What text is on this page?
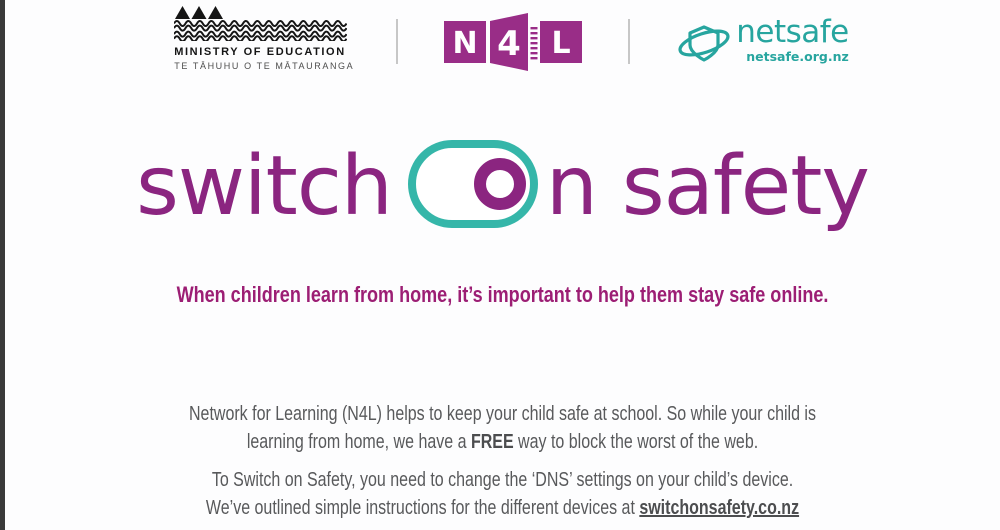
MINISTRY OF EDUCATION
TE TĀHUHU O TE MĀTAURANGA
N 4 L	netsafe
netsafe.org.nz
switch n safety
When children learn from home, it’s important to help them stay safe online.
Network for Learning (N4L) helps to keep your child safe at school. So while your child is
learning from home, we have a FREE way to block the worst of the web.
To Switch on Safety, you need to change the ‘DNS’ settings on your child’s device.
We’ve outlined simple instructions for the different devices at switchonsafety.co.nz
